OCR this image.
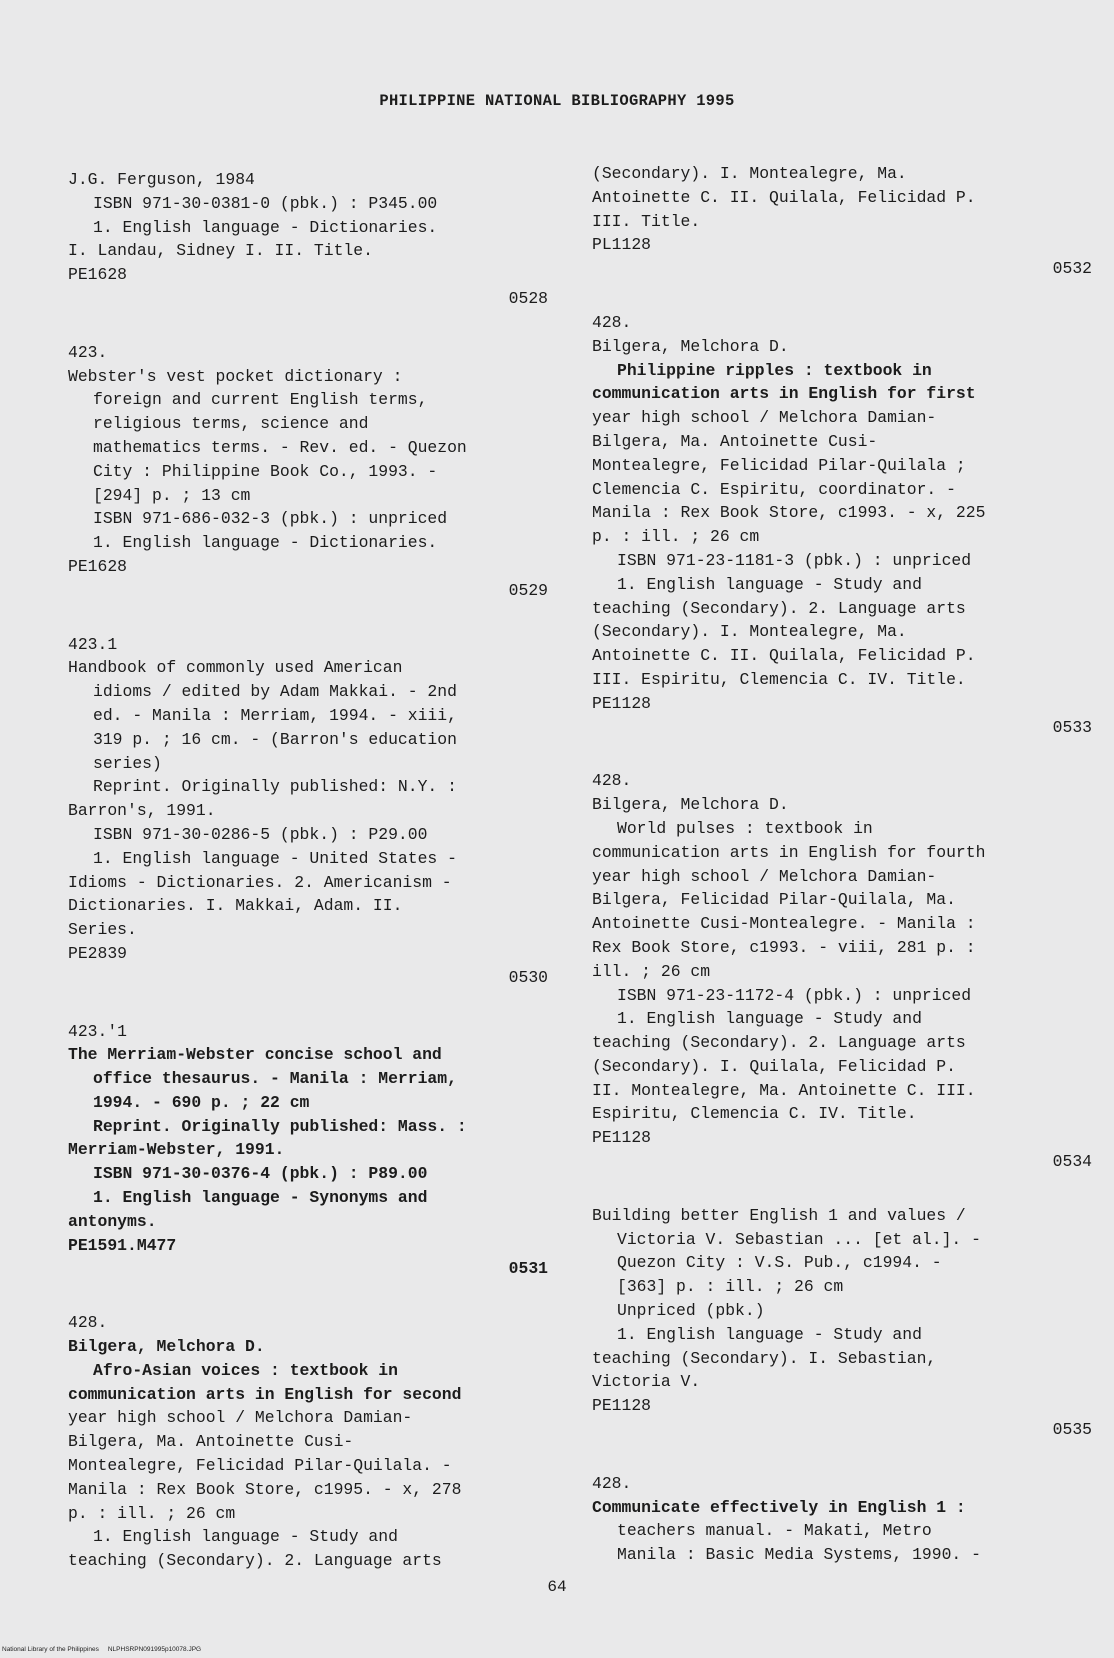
PHILIPPINE NATIONAL BIBLIOGRAPHY 1995

J.G. Ferguson, 1984

ISBN 971-30-0381-0 (pbk.) : P345.00

1. English language - Dictionaries.

I. Landau, Sidney I. II. Title.

PE1628

0528

423.

Webster's vest pocket dictionary :

foreign and current English terms,

religious terms, science and

mathematics terms. - Rev. ed. - Quezon

City : Philippine Book Co., 1993. -

[294] p. ; 13 cm

ISBN 971-686-032-3 (pbk.) : unpriced

1. English language - Dictionaries.

PE1628

0529

423.1

Handbook of commonly used American

idioms / edited by Adam Makkai. - 2nd

ed. - Manila : Merriam, 1994. - xiii,

319 p. ; 16 cm. - (Barron's education

series)

Reprint. Originally published: N.Y. :

Barron's, 1991.

ISBN 971-30-0286-5 (pbk.) : P29.00

1. English language - United States -

Idioms - Dictionaries. 2. Americanism -

Dictionaries. I. Makkai, Adam. II.

Series.

PE2839

0530

423.'1

The Merriam-Webster concise school and

office thesaurus. - Manila : Merriam,

1994. - 690 p. ; 22 cm

Reprint. Originally published: Mass. :

Merriam-Webster, 1991.

ISBN 971-30-0376-4 (pbk.) : P89.00

1. English language - Synonyms and

antonyms.

PE1591.M477

0531

428.

Bilgera, Melchora D.

Afro-Asian voices : textbook in

communication arts in English for second

year high school / Melchora Damian-

Bilgera, Ma. Antoinette Cusi-

Montealegre, Felicidad Pilar-Quilala. -

Manila : Rex Book Store, c1995. - x, 278

p. : ill. ; 26 cm

1. English language - Study and

teaching (Secondary). 2. Language arts

(Secondary). I. Montealegre, Ma.

Antoinette C. II. Quilala, Felicidad P.

III. Title.

PL1128

0532

428.

Bilgera, Melchora D.

Philippine ripples : textbook in

communication arts in English for first

year high school / Melchora Damian-

Bilgera, Ma. Antoinette Cusi-

Montealegre, Felicidad Pilar-Quilala ;

Clemencia C. Espiritu, coordinator. -

Manila : Rex Book Store, c1993. - x, 225

p. : ill. ; 26 cm

ISBN 971-23-1181-3 (pbk.) : unpriced

1. English language - Study and

teaching (Secondary). 2. Language arts

(Secondary). I. Montealegre, Ma.

Antoinette C. II. Quilala, Felicidad P.

III. Espiritu, Clemencia C. IV. Title.

PE1128

0533

428.

Bilgera, Melchora D.

World pulses : textbook in

communication arts in English for fourth

year high school / Melchora Damian-

Bilgera, Felicidad Pilar-Quilala, Ma.

Antoinette Cusi-Montealegre. - Manila :

Rex Book Store, c1993. - viii, 281 p. :

ill. ; 26 cm

ISBN 971-23-1172-4 (pbk.) : unpriced

1. English language - Study and

teaching (Secondary). 2. Language arts

(Secondary). I. Quilala, Felicidad P.

II. Montealegre, Ma. Antoinette C. III.

Espiritu, Clemencia C. IV. Title.

PE1128

0534

Building better English 1 and values /

Victoria V. Sebastian ... [et al.]. -

Quezon City : V.S. Pub., c1994. -

[363] p. : ill. ; 26 cm

Unpriced (pbk.)

1. English language - Study and

teaching (Secondary). I. Sebastian,

Victoria V.

PE1128

0535

428.

Communicate effectively in English 1 :

teachers manual. - Makati, Metro

Manila : Basic Media Systems, 1990. -

64
National Library of the Philippines     NLPHSRPN091995p10078.JPG
